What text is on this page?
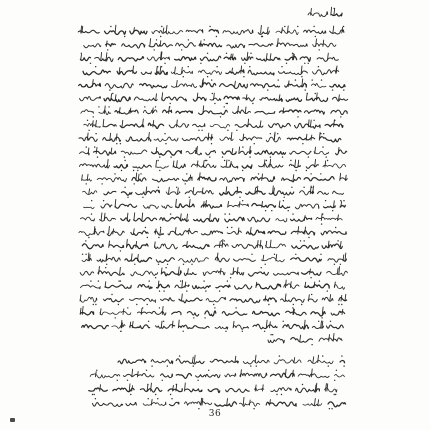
36
